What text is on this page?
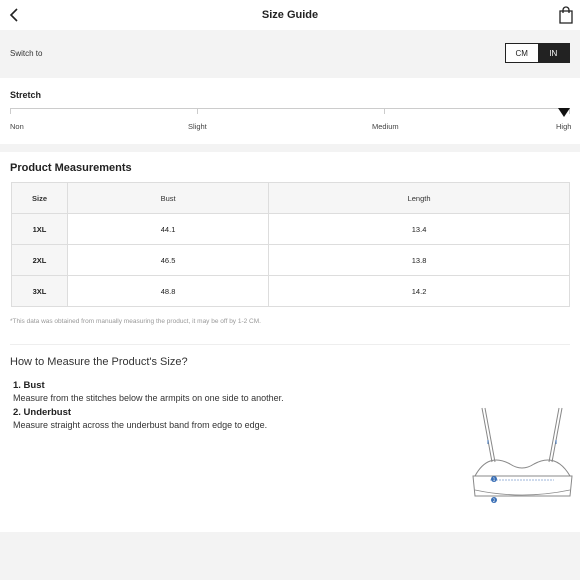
Size Guide
Switch to	CM	IN
Stretch
Non	Slight	Medium	High
Product Measurements
Size	Bust	Length
1XL	44.1	13.4
2XL	46.5	13.8
3XL	48.8	14.2
*This data was obtained from manually measuring the product, it may be off by 1-2 CM.
How to Measure the Product's Size?
1. Bust
Measure from the stitches below the armpits on one side to another.
2. Underbust
Measure straight across the underbust band from edge to edge.
1
2
